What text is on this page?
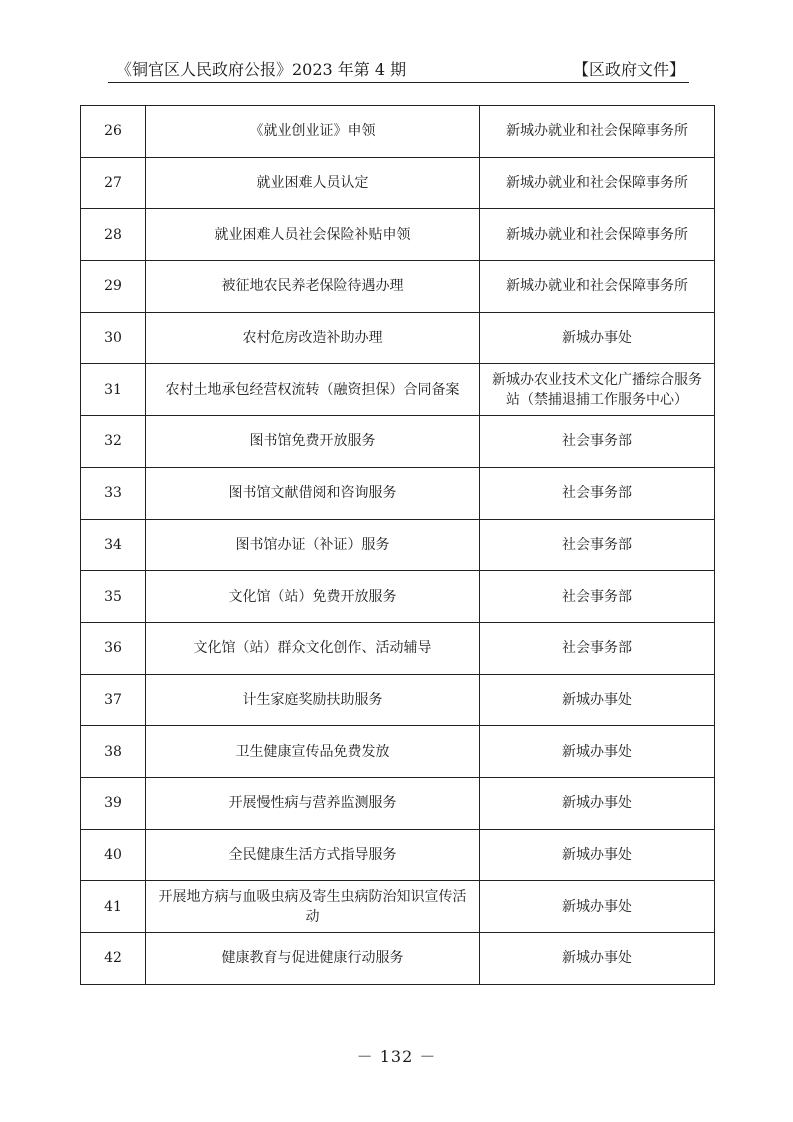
《铜官区人民政府公报》2023 年第 4 期	【区政府文件】
26	《就业创业证》申领	新城办就业和社会保障事务所
27	就业困难人员认定	新城办就业和社会保障事务所
28	就业困难人员社会保险补贴申领	新城办就业和社会保障事务所
29	被征地农民养老保险待遇办理	新城办就业和社会保障事务所
30	农村危房改造补助办理	新城办事处
31	农村土地承包经营权流转（融资担保）合同备案	新城办农业技术文化广播综合服务站（禁捕退捕工作服务中心）
32	图书馆免费开放服务	社会事务部
33	图书馆文献借阅和咨询服务	社会事务部
34	图书馆办证（补证）服务	社会事务部
35	文化馆（站）免费开放服务	社会事务部
36	文化馆（站）群众文化创作、活动辅导	社会事务部
37	计生家庭奖励扶助服务	新城办事处
38	卫生健康宣传品免费发放	新城办事处
39	开展慢性病与营养监测服务	新城办事处
40	全民健康生活方式指导服务	新城办事处
41	开展地方病与血吸虫病及寄生虫病防治知识宣传活动	新城办事处
42	健康教育与促进健康行动服务	新城办事处
－ 132 －
